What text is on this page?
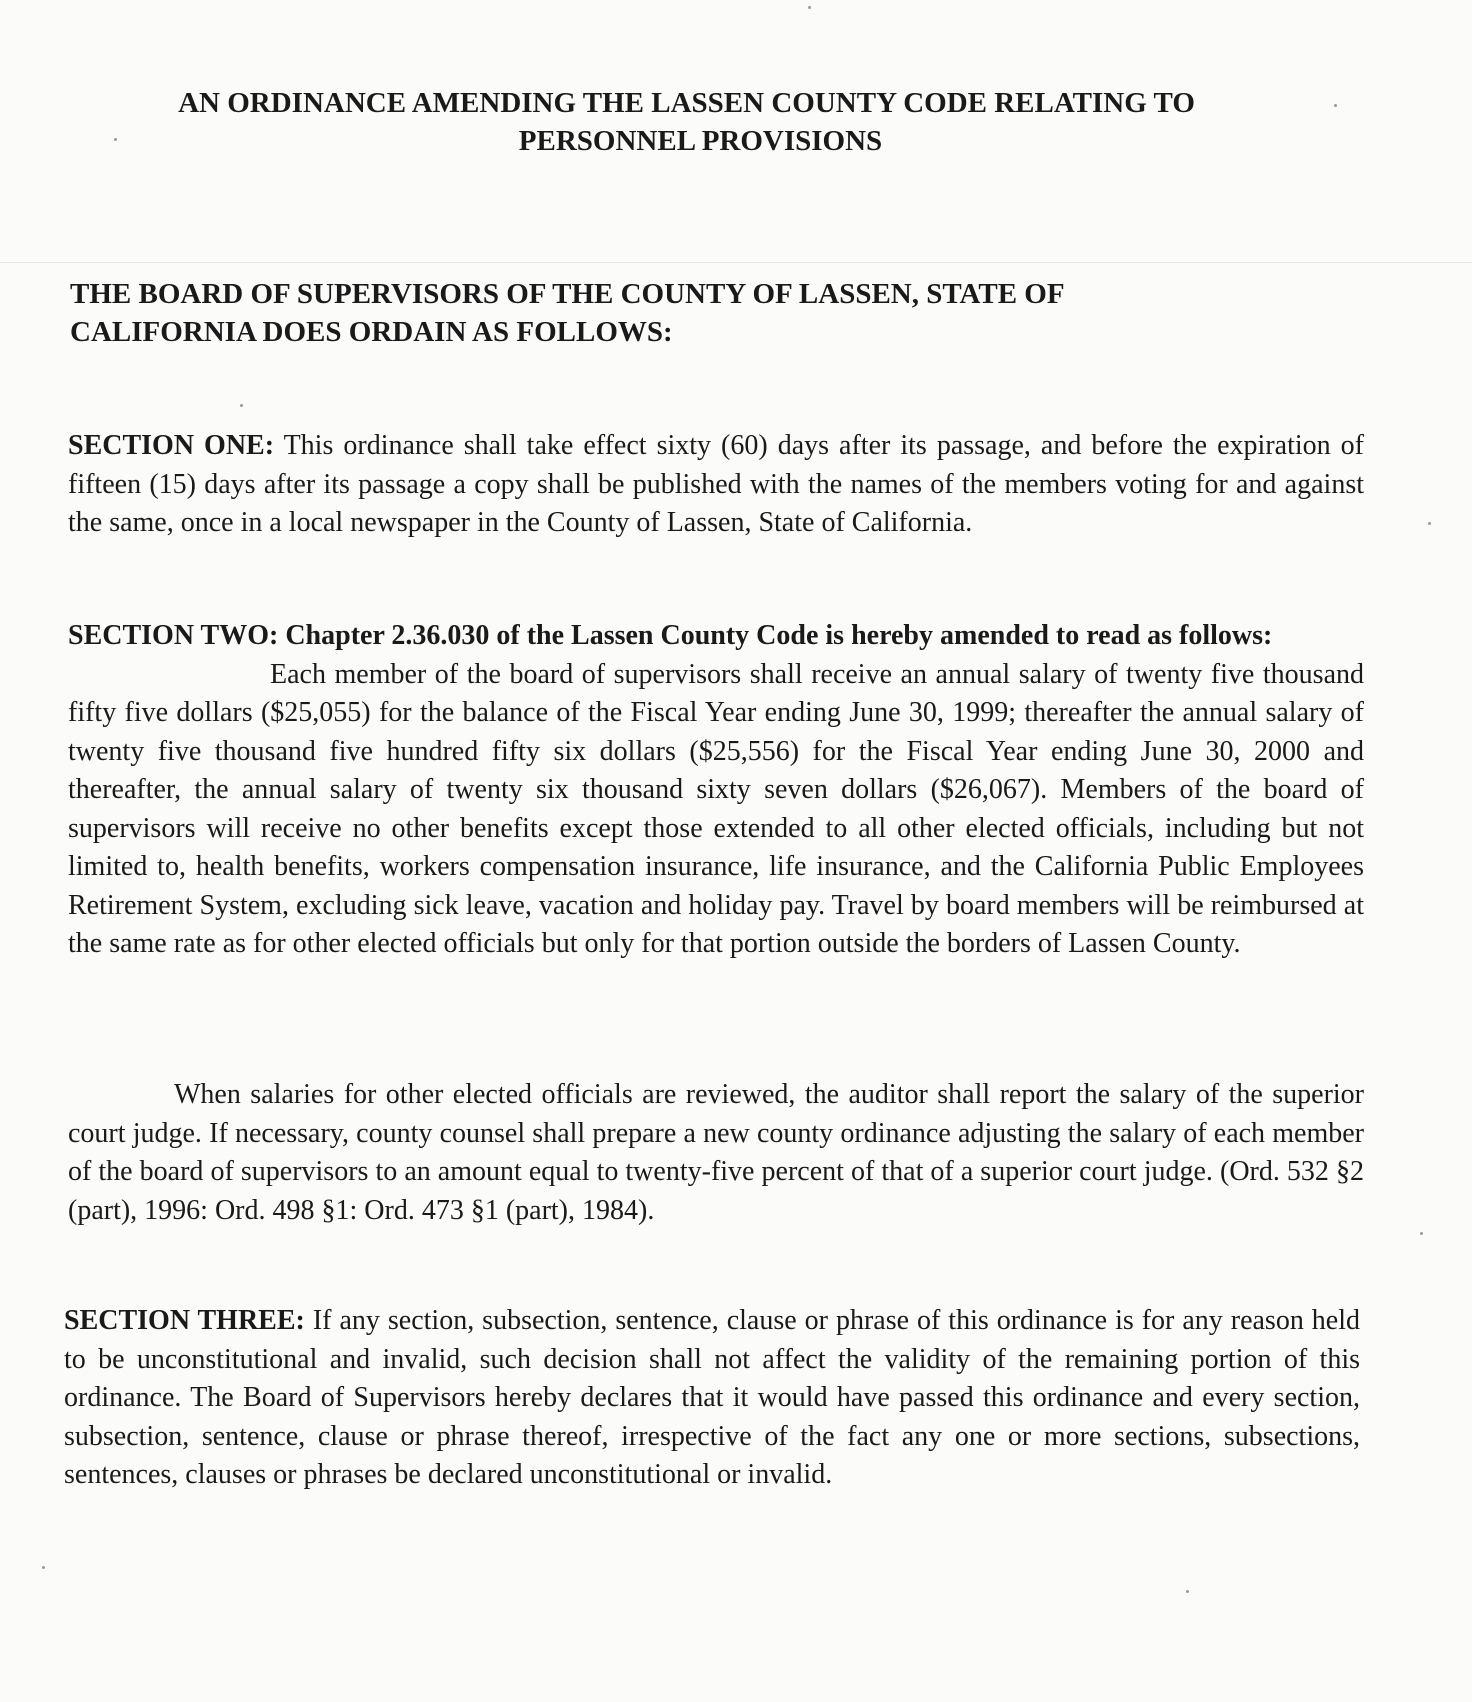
AN ORDINANCE AMENDING THE LASSEN COUNTY CODE RELATING TO
PERSONNEL PROVISIONS
THE BOARD OF SUPERVISORS OF THE COUNTY OF LASSEN, STATE OF
CALIFORNIA DOES ORDAIN AS FOLLOWS:
SECTION ONE: This ordinance shall take effect sixty (60) days after its passage, and before the expiration of fifteen (15) days after its passage a copy shall be published with the names of the members voting for and against the same, once in a local newspaper in the County of Lassen, State of California.
SECTION TWO: Chapter 2.36.030 of the Lassen County Code is hereby amended to read as follows:
Each member of the board of supervisors shall receive an annual salary of twenty five thousand fifty five dollars ($25,055) for the balance of the Fiscal Year ending June 30, 1999; thereafter the annual salary of twenty five thousand five hundred fifty six dollars ($25,556) for the Fiscal Year ending June 30, 2000 and thereafter, the annual salary of twenty six thousand sixty seven dollars ($26,067). Members of the board of supervisors will receive no other benefits except those extended to all other elected officials, including but not limited to, health benefits, workers compensation insurance, life insurance, and the California Public Employees Retirement System, excluding sick leave, vacation and holiday pay. Travel by board members will be reimbursed at the same rate as for other elected officials but only for that portion outside the borders of Lassen County.
When salaries for other elected officials are reviewed, the auditor shall report the salary of the superior court judge. If necessary, county counsel shall prepare a new county ordinance adjusting the salary of each member of the board of supervisors to an amount equal to twenty-five percent of that of a superior court judge. (Ord. 532 §2 (part), 1996: Ord. 498 §1: Ord. 473 §1 (part), 1984).
SECTION THREE: If any section, subsection, sentence, clause or phrase of this ordinance is for any reason held to be unconstitutional and invalid, such decision shall not affect the validity of the remaining portion of this ordinance. The Board of Supervisors hereby declares that it would have passed this ordinance and every section, subsection, sentence, clause or phrase thereof, irrespective of the fact any one or more sections, subsections, sentences, clauses or phrases be declared unconstitutional or invalid.
